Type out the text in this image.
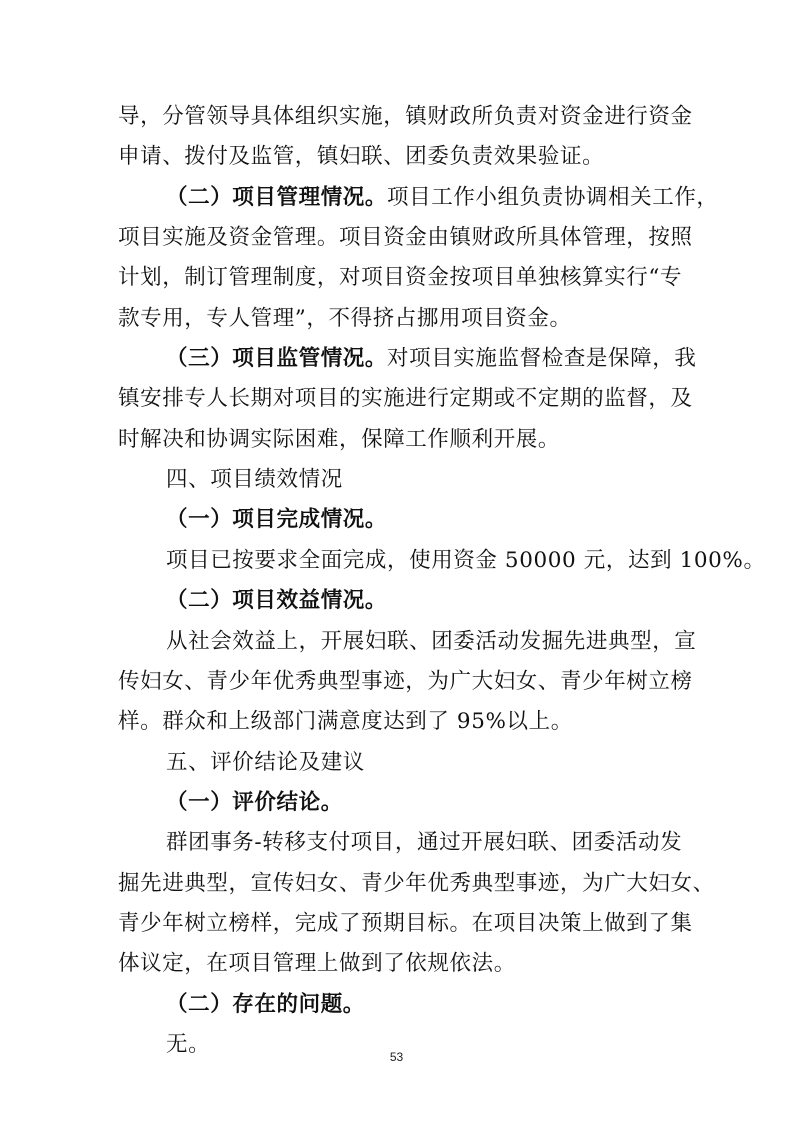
导，分管领导具体组织实施，镇财政所负责对资金进行资金
申请、拨付及监管，镇妇联、团委负责效果验证。
（二）项目管理情况。项目工作小组负责协调相关工作，
项目实施及资金管理。项目资金由镇财政所具体管理，按照
计划，制订管理制度，对项目资金按项目单独核算实行“专
款专用，专人管理”，不得挤占挪用项目资金。
（三）项目监管情况。对项目实施监督检查是保障，我
镇安排专人长期对项目的实施进行定期或不定期的监督，及
时解决和协调实际困难，保障工作顺利开展。
四、项目绩效情况
（一）项目完成情况。
项目已按要求全面完成，使用资金 50000 元，达到 100%。
（二）项目效益情况。
从社会效益上，开展妇联、团委活动发掘先进典型，宣
传妇女、青少年优秀典型事迹，为广大妇女、青少年树立榜
样。群众和上级部门满意度达到了 95%以上。
五、评价结论及建议
（一）评价结论。
群团事务-转移支付项目，通过开展妇联、团委活动发
掘先进典型，宣传妇女、青少年优秀典型事迹，为广大妇女、
青少年树立榜样，完成了预期目标。在项目决策上做到了集
体议定，在项目管理上做到了依规依法。
53
（二）存在的问题。
无。
